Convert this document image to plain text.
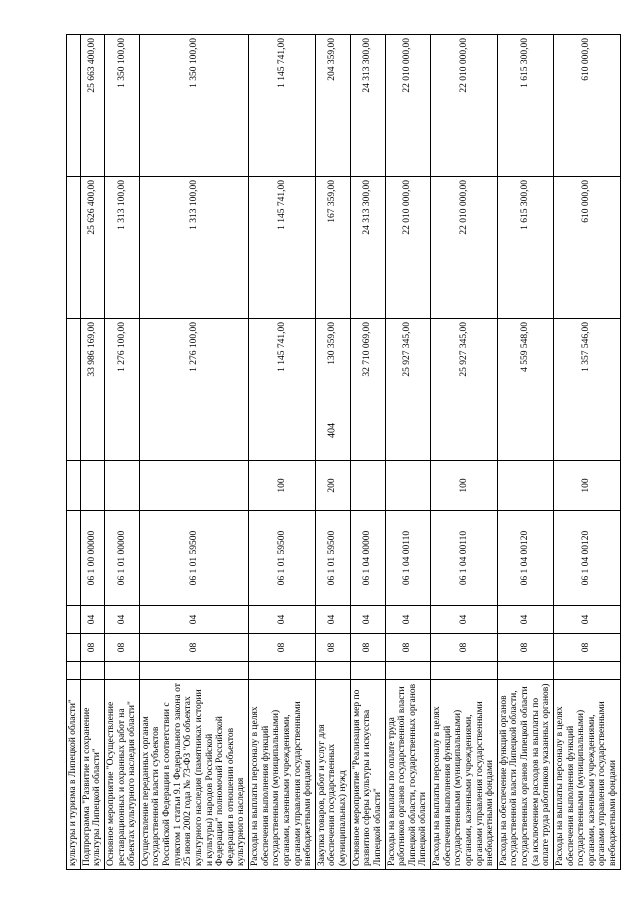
404
культуры и туризма в Липецкой области"								
Подпрограмма "Развитие и сохранение культуры Липецкой области"		08	04	06 1 00 00000		33 986 169,00	25 626 400,00	25 663 400,00
Основное мероприятие "Осуществление реставрационных и охранных работ на объектах культурного наследия области"		08	04	06 1 01 00000		1 276 100,00	1 313 100,00	1 350 100,00
Осуществление переданных органам государственной власти субъектов Российской Федерации в соответствии с пунктом 1 статьи 9.1 Федерального закона от 25 июня 2002 года № 73-ФЗ "Об объектах культурного наследия (памятниках истории и культуры) народов Российской Федерации" полномочий Российской Федерации в отношении объектов культурного наследия		08	04	06 1 01 59500		1 276 100,00	1 313 100,00	1 350 100,00
Расходы на выплаты персоналу в целях обеспечения выполнения функций государственными (муниципальными) органами, казенными учреждениями, органами управления государственными внебюджетными фондами		08	04	06 1 01 59500	100	1 145 741,00	1 145 741,00	1 145 741,00
Закупка товаров, работ и услуг для обеспечения государственных (муниципальных) нужд		08	04	06 1 01 59500	200	130 359,00	167 359,00	204 359,00
Основное мероприятие "Реализация мер по развитию сферы культуры и искусства Липецкой области"		08	04	06 1 04 00000		32 710 069,00	24 313 300,00	24 313 300,00
Расходы на выплаты по оплате труда работников органов государственной власти Липецкой области, государственных органов Липецкой области		08	04	06 1 04 00110		25 927 345,00	22 010 000,00	22 010 000,00
Расходы на выплаты персоналу в целях обеспечения выполнения функций государственными (муниципальными) органами, казенными учреждениями, органами управления государственными внебюджетными фондами		08	04	06 1 04 00110	100	25 927 345,00	22 010 000,00	22 010 000,00
Расходы на обеспечение функций органов государственной власти Липецкой области, государственных органов Липецкой области (за исключением расходов на выплаты по оплате труда работников указанных органов)		08	04	06 1 04 00120		4 559 548,00	1 615 300,00	1 615 300,00
Расходы на выплаты персоналу в целях обеспечения выполнения функций государственными (муниципальными) органами, казенными учреждениями, органами управления государственными внебюджетными фондами		08	04	06 1 04 00120	100	1 357 546,00	610 000,00	610 000,00
